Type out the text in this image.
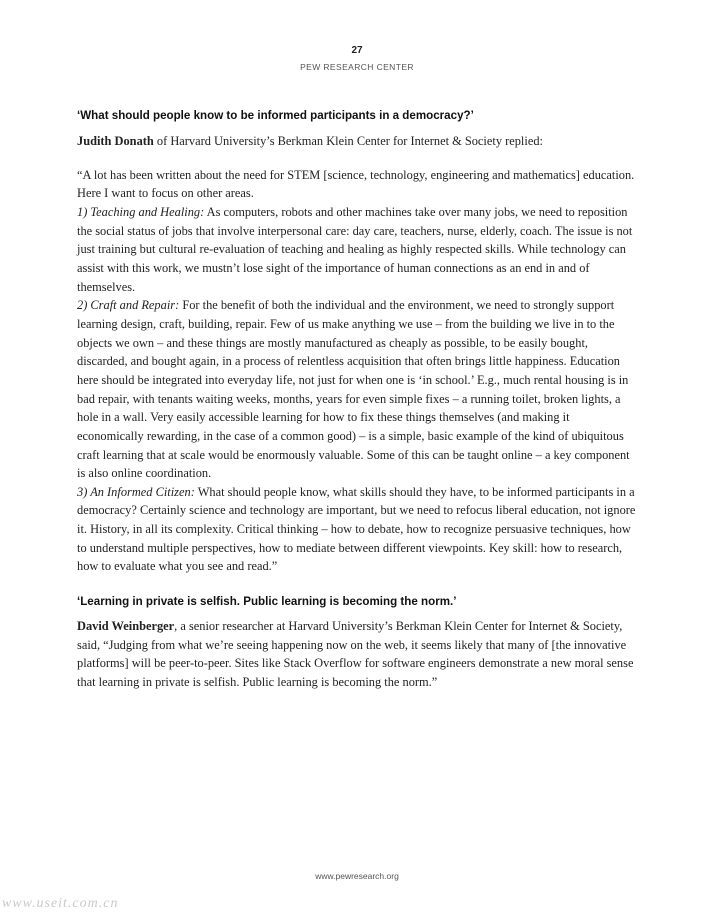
27
PEW RESEARCH CENTER
‘What should people know to be informed participants in a democracy?’

Judith Donath of Harvard University’s Berkman Klein Center for Internet & Society replied:

“A lot has been written about the need for STEM [science, technology, engineering and mathematics] education. Here I want to focus on other areas.

1) Teaching and Healing: As computers, robots and other machines take over many jobs, we need to reposition the social status of jobs that involve interpersonal care: day care, teachers, nurse, elderly, coach. The issue is not just training but cultural re-evaluation of teaching and healing as highly respected skills. While technology can assist with this work, we mustn’t lose sight of the importance of human connections as an end in and of themselves.

2) Craft and Repair: For the benefit of both the individual and the environment, we need to strongly support learning design, craft, building, repair. Few of us make anything we use – from the building we live in to the objects we own – and these things are mostly manufactured as cheaply as possible, to be easily bought, discarded, and bought again, in a process of relentless acquisition that often brings little happiness. Education here should be integrated into everyday life, not just for when one is ‘in school.’ E.g., much rental housing is in bad repair, with tenants waiting weeks, months, years for even simple fixes – a running toilet, broken lights, a hole in a wall. Very easily accessible learning for how to fix these things themselves (and making it economically rewarding, in the case of a common good) – is a simple, basic example of the kind of ubiquitous craft learning that at scale would be enormously valuable. Some of this can be taught online – a key component is also online coordination.

3) An Informed Citizen: What should people know, what skills should they have, to be informed participants in a democracy? Certainly science and technology are important, but we need to refocus liberal education, not ignore it. History, in all its complexity. Critical thinking – how to debate, how to recognize persuasive techniques, how to understand multiple perspectives, how to mediate between different viewpoints. Key skill: how to research, how to evaluate what you see and read.”

‘Learning in private is selfish. Public learning is becoming the norm.’

David Weinberger, a senior researcher at Harvard University’s Berkman Klein Center for Internet & Society, said, “Judging from what we’re seeing happening now on the web, it seems likely that many of [the innovative platforms] will be peer-to-peer. Sites like Stack Overflow for software engineers demonstrate a new moral sense that learning in private is selfish. Public learning is becoming the norm.”

www.pewresearch.org
www.useit.com.cn
